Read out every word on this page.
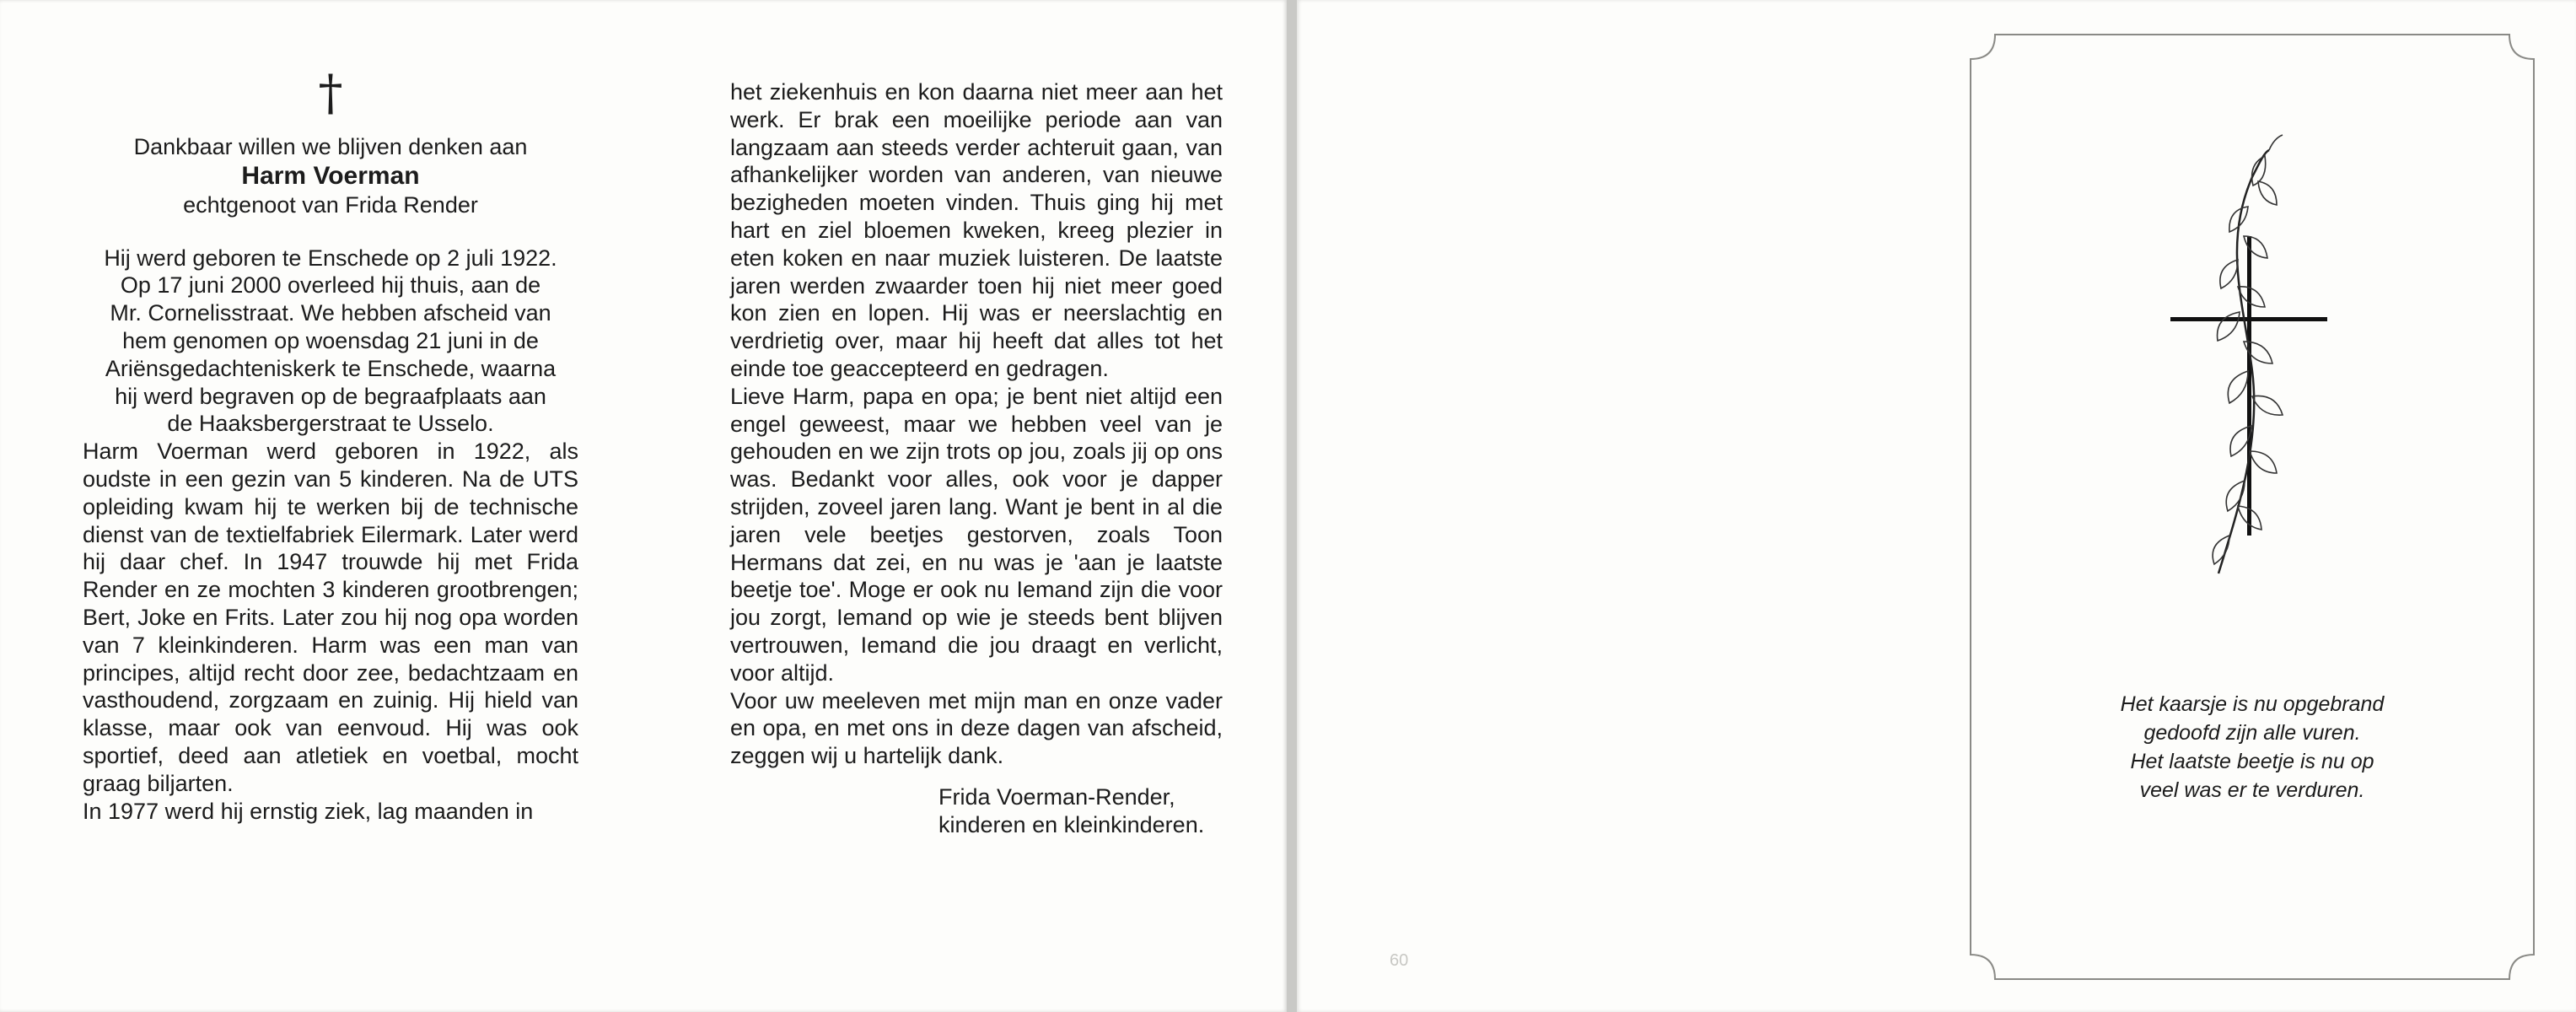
†

Dankbaar willen we blijven denken aan

Harm Voerman

echtgenoot van Frida Render

Hij werd geboren te Enschede op 2 juli 1922.
Op 17 juni 2000 overleed hij thuis, aan de
Mr. Cornelisstraat. We hebben afscheid van
hem genomen op woensdag 21 juni in de
Ariënsgedachteniskerk te Enschede, waarna
hij werd begraven op de begraafplaats aan
de Haaksbergerstraat te Usselo.

Harm Voerman werd geboren in 1922, als oudste in een gezin van 5 kinderen. Na de UTS opleiding kwam hij te werken bij de technische dienst van de textielfabriek Eilermark. Later werd hij daar chef. In 1947 trouwde hij met Frida Render en ze mochten 3 kinderen grootbrengen; Bert, Joke en Frits. Later zou hij nog opa worden van 7 kleinkinderen. Harm was een man van principes, altijd recht door zee, bedachtzaam en vasthoudend, zorgzaam en zuinig. Hij hield van klasse, maar ook van eenvoud. Hij was ook sportief, deed aan atletiek en voetbal, mocht graag biljarten.

In 1977 werd hij ernstig ziek, lag maanden in

het ziekenhuis en kon daarna niet meer aan het werk. Er brak een moeilijke periode aan van langzaam aan steeds verder achteruit gaan, van afhankelijker worden van anderen, van nieuwe bezigheden moeten vinden. Thuis ging hij met hart en ziel bloemen kweken, kreeg plezier in eten koken en naar muziek luisteren. De laatste jaren werden zwaarder toen hij niet meer goed kon zien en lopen. Hij was er neerslachtig en verdrietig over, maar hij heeft dat alles tot het einde toe geaccepteerd en gedragen.

Lieve Harm, papa en opa; je bent niet altijd een engel geweest, maar we hebben veel van je gehouden en we zijn trots op jou, zoals jij op ons was. Bedankt voor alles, ook voor je dapper strijden, zoveel jaren lang. Want je bent in al die jaren vele beetjes gestorven, zoals Toon Hermans dat zei, en nu was je 'aan je laatste beetje toe'. Moge er ook nu Iemand zijn die voor jou zorgt, Iemand op wie je steeds bent blijven vertrouwen, Iemand die jou draagt en verlicht, voor altijd.

Voor uw meeleven met mijn man en onze vader en opa, en met ons in deze dagen van afscheid, zeggen wij u hartelijk dank.

Frida Voerman-Render,
kinderen en kleinkinderen.
60
Het kaarsje is nu opgebrand
gedoofd zijn alle vuren.
Het laatste beetje is nu op
veel was er te verduren.
